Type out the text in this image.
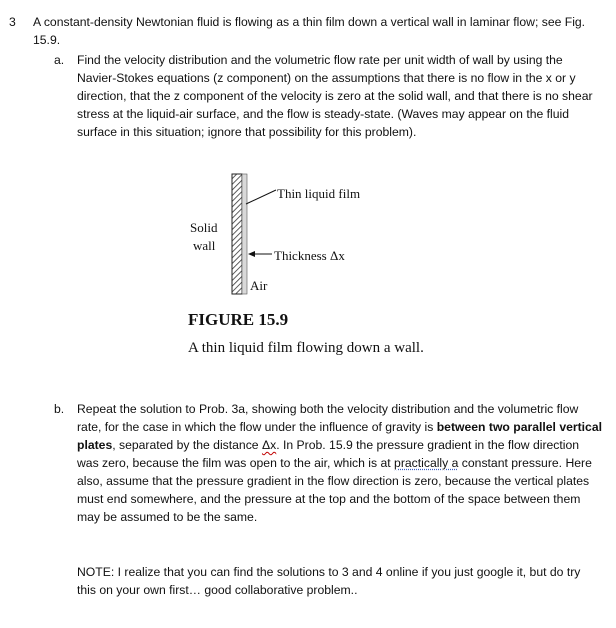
3 A constant-density Newtonian fluid is flowing as a thin film down a vertical wall in laminar flow; see Fig. 15.9.
a. Find the velocity distribution and the volumetric flow rate per unit width of wall by using the Navier-Stokes equations (z component) on the assumptions that there is no flow in the x or y direction, that the z component of the velocity is zero at the solid wall, and that there is no shear stress at the liquid-air surface, and the flow is steady-state. (Waves may appear on the fluid surface in this situation; ignore that possibility for this problem).
Thin liquid film
Solid
wall
Thickness Δx
Air
FIGURE 15.9
A thin liquid film flowing down a wall.
b. Repeat the solution to Prob. 3a, showing both the velocity distribution and the volumetric flow rate, for the case in which the flow under the influence of gravity is between two parallel vertical plates, separated by the distance Δx. In Prob. 15.9 the pressure gradient in the flow direction was zero, because the film was open to the air, which is at practically a constant pressure. Here also, assume that the pressure gradient in the flow direction is zero, because the vertical plates must end somewhere, and the pressure at the top and the bottom of the space between them may be assumed to be the same.
NOTE: I realize that you can find the solutions to 3 and 4 online if you just google it, but do try this on your own first… good collaborative problem..
